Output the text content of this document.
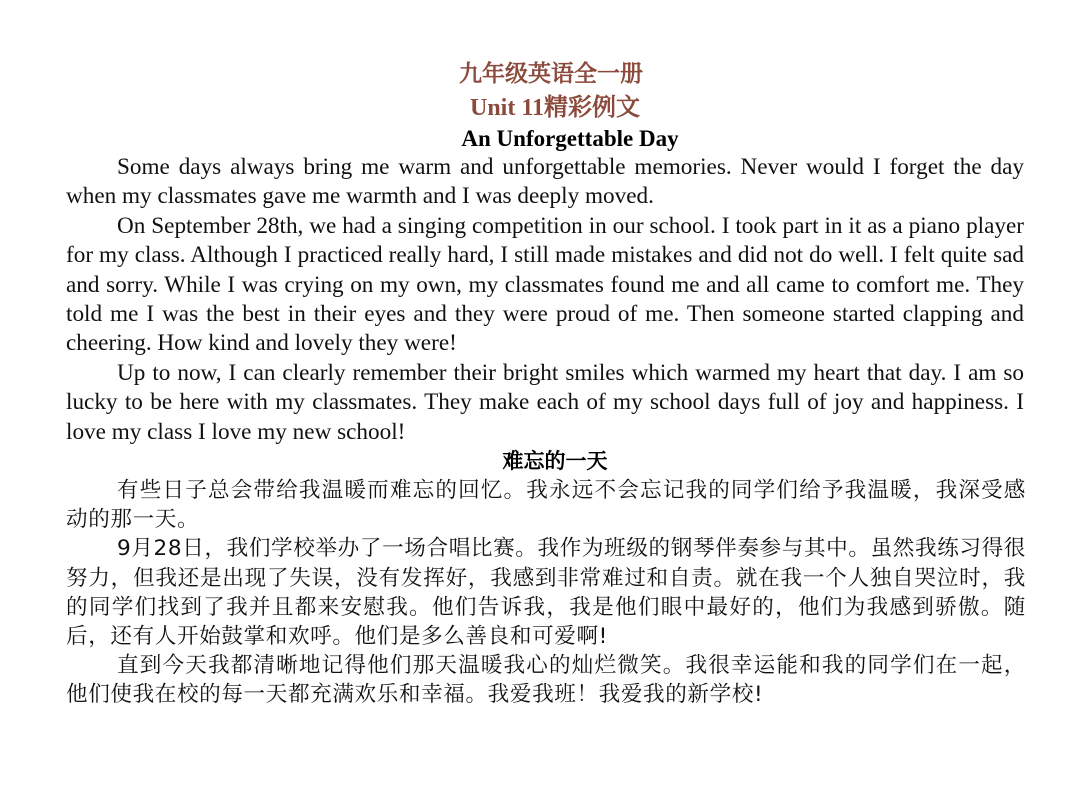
九年级英语全一册
Unit 11精彩例文
An Unforgettable Day

Some days always bring me warm and unforgettable memories. Never would I forget the day when my classmates gave me warmth and I was deeply moved.

On September 28th, we had a singing competition in our school. I took part in it as a piano player for my class. Although I practiced really hard, I still made mistakes and did not do well. I felt quite sad and sorry. While I was crying on my own, my classmates found me and all came to comfort me. They told me I was the best in their eyes and they were proud of me. Then someone started clapping and cheering. How kind and lovely they were!

Up to now, I can clearly remember their bright smiles which warmed my heart that day. I am so lucky to be here with my classmates. They make each of my school days full of joy and happiness. I love my class I love my new school!

难忘的一天

有些日子总会带给我温暖而难忘的回忆。我永远不会忘记我的同学们给予我温暖，我深受感动的那一天。

9月28日，我们学校举办了一场合唱比赛。我作为班级的钢琴伴奏参与其中。虽然我练习得很努力，但我还是出现了失误，没有发挥好，我感到非常难过和自责。就在我一个人独自哭泣时，我的同学们找到了我并且都来安慰我。他们告诉我，我是他们眼中最好的，他们为我感到骄傲。随后，还有人开始鼓掌和欢呼。他们是多么善良和可爱啊!

直到今天我都清晰地记得他们那天温暖我心的灿烂微笑。我很幸运能和我的同学们在一起，他们使我在校的每一天都充满欢乐和幸福。我爱我班！我爱我的新学校!
